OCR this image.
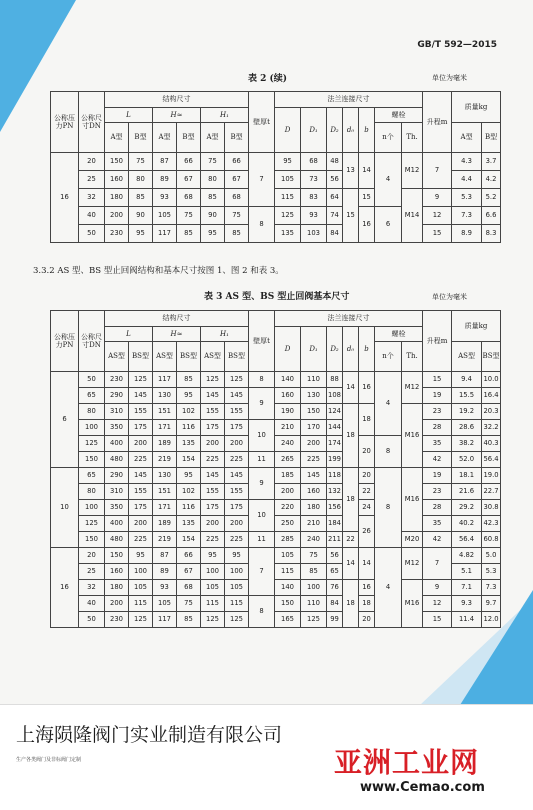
GB/T 592—2015
表 2 (续)	单位为毫米
公称压力PN	公称尺寸DN	结构尺寸						壁厚t	法兰连接尺寸							升程m	质量kg	
		L		H≈		H₁			D	D₁	D₂	d₀	b	螺栓				
		A型	B型	A型	B型	A型	B型							n个	Th.		A型	B型
16	20	150	75	87	66	75	66	7	95	68	48	13	14	4	M12	7	4.3	3.7
	25	160	80	89	67	80	67		105	73	56						4.4	4.2
	32	180	85	93	68	85	68		115	83	64	15	15		M14	9	5.3	5.2
	40	200	90	105	75	90	75	8	125	93	74		16	6		12	7.3	6.6
	50	230	95	117	85	95	85		135	103	84					15	8.9	8.3
3.3.2 AS 型、BS 型止回阀结构和基本尺寸按图 1、图 2 和表 3。
表 3 AS 型、BS 型止回阀基本尺寸	单位为毫米
公称压力PN	公称尺寸DN	结构尺寸						壁厚t	法兰连接尺寸							升程m	质量kg	
		L		H≈		H₁			D	D₁	D₂	d₀	b	螺栓				
		AS型	BS型	AS型	BS型	AS型	BS型							n个	Th.		AS型	BS型
6	50	230	125	117	85	125	125	8	140	110	88	14	16	4	M12	15	9.4	10.0
	65	290	145	130	95	145	145	9	160	130	108					19	15.5	16.4
	80	310	155	151	102	155	155		190	150	124	18	18		M16	23	19.2	20.3
	100	350	175	171	116	175	175	10	210	170	144					28	28.6	32.2
	125	400	200	189	135	200	200		240	200	174		20	8		35	38.2	40.3
	150	480	225	219	154	225	225	11	265	225	199					42	52.0	56.4
10	65	290	145	130	95	145	145	9	185	145	118	18	20	8	M16	19	18.1	19.0
	80	310	155	151	102	155	155		200	160	132		22			23	21.6	22.7
	100	350	175	171	116	175	175	10	220	180	156		24			28	29.2	30.8
	125	400	200	189	135	200	200		250	210	184		26			35	40.2	42.3
	150	480	225	219	154	225	225	11	285	240	211	22			M20	42	56.4	60.8
16	20	150	95	87	66	95	95	7	105	75	56	14	14	4	M12	7	4.82	5.0
	25	160	100	89	67	100	100		115	85	65						5.1	5.3
	32	180	105	93	68	105	105		140	100	76	18	16		M16	9	7.1	7.3
	40	200	115	105	75	115	115	8	150	110	84		18			12	9.3	9.7
	50	230	125	117	85	125	125		165	125	99		20			15	11.4	12.0
上海陨隆阀门实业制造有限公司
生产各类阀门及非标阀门定制	亚洲工业网
www.Cemao.com
